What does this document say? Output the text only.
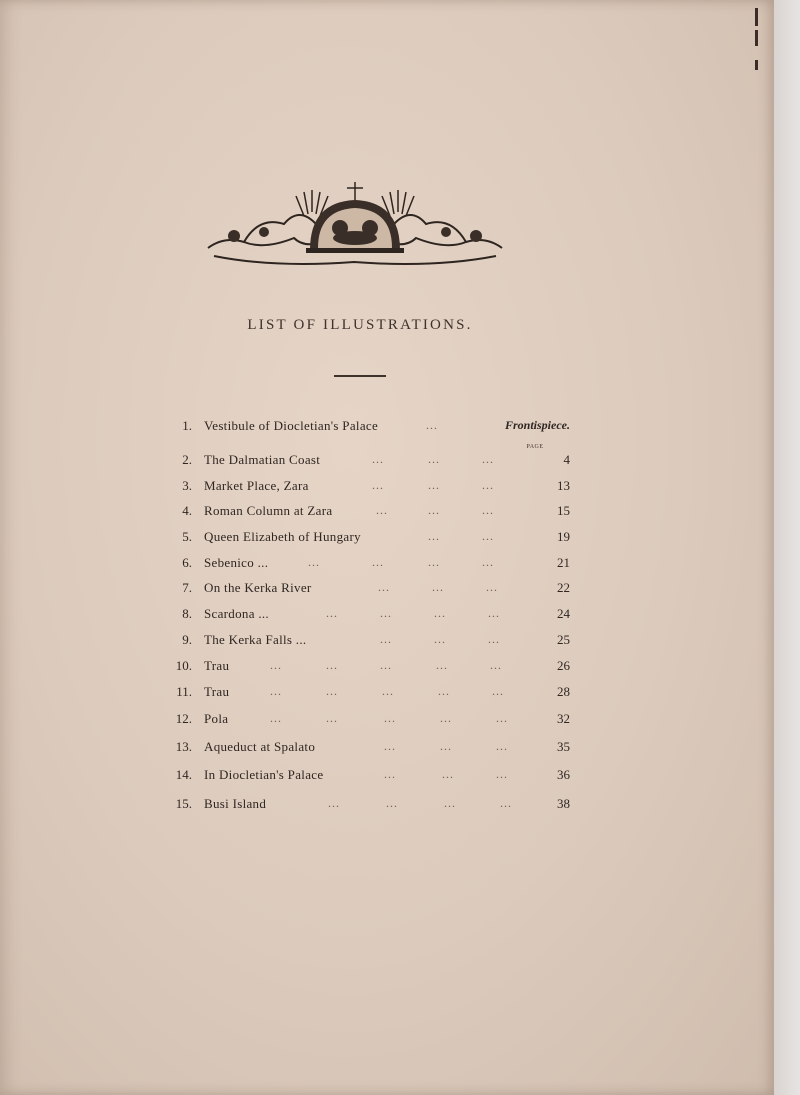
LIST OF ILLUSTRATIONS.
PAGE
1. Vestibule of Diocletian's Palace	...	Frontispiece.
2. The Dalmatian Coast	...	...	...	4
3. Market Place, Zara	...	...	...	13
4. Roman Column at Zara	...	...	...	15
5. Queen Elizabeth of Hungary	...	...	19
6. Sebenico ...	...	...	...	...	21
7. On the Kerka River	...	...	...	22
8. Scardona ...	...	...	...	...	24
9. The Kerka Falls ...	...	...	...	25
10. Trau	...	...	...	...	...	26
11. Trau	...	...	...	...	...	28
12. Pola	...	...	...	...	...	32
13. Aqueduct at Spalato	...	...	...	35
14. In Diocletian's Palace	...	...	...	36
15. Busi Island	...	...	...	...	38
